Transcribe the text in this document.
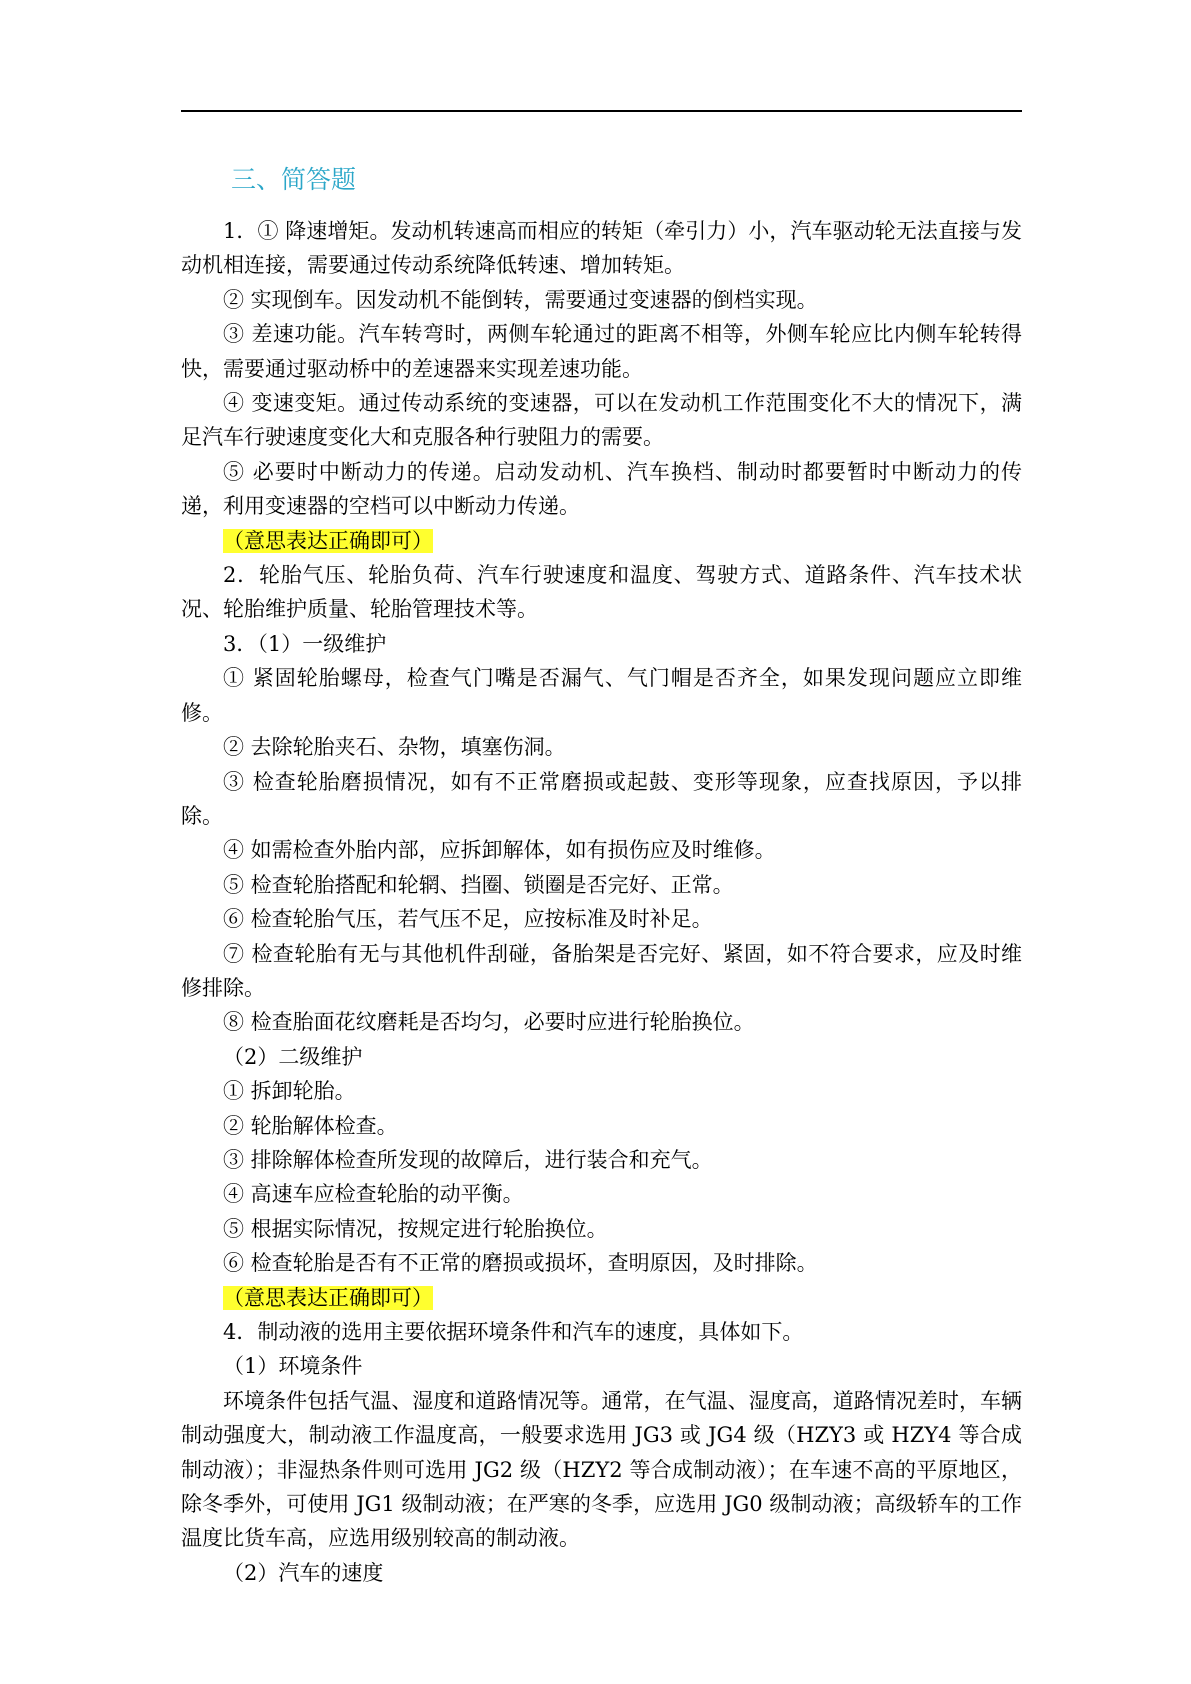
三、简答题

1．① 降速增矩。发动机转速高而相应的转矩（牵引力）小，汽车驱动轮无法直接与发动机相连接，需要通过传动系统降低转速、增加转矩。

② 实现倒车。因发动机不能倒转，需要通过变速器的倒档实现。

③ 差速功能。汽车转弯时，两侧车轮通过的距离不相等，外侧车轮应比内侧车轮转得快，需要通过驱动桥中的差速器来实现差速功能。

④ 变速变矩。通过传动系统的变速器，可以在发动机工作范围变化不大的情况下，满足汽车行驶速度变化大和克服各种行驶阻力的需要。

⑤ 必要时中断动力的传递。启动发动机、汽车换档、制动时都要暂时中断动力的传递，利用变速器的空档可以中断动力传递。

（意思表达正确即可）

2．轮胎气压、轮胎负荷、汽车行驶速度和温度、驾驶方式、道路条件、汽车技术状况、轮胎维护质量、轮胎管理技术等。

3．（1）一级维护

① 紧固轮胎螺母，检查气门嘴是否漏气、气门帽是否齐全，如果发现问题应立即维修。

② 去除轮胎夹石、杂物，填塞伤洞。

③ 检查轮胎磨损情况，如有不正常磨损或起鼓、变形等现象，应查找原因，予以排除。

④ 如需检查外胎内部，应拆卸解体，如有损伤应及时维修。

⑤ 检查轮胎搭配和轮辋、挡圈、锁圈是否完好、正常。

⑥ 检查轮胎气压，若气压不足，应按标准及时补足。

⑦ 检查轮胎有无与其他机件刮碰，备胎架是否完好、紧固，如不符合要求，应及时维修排除。

⑧ 检查胎面花纹磨耗是否均匀，必要时应进行轮胎换位。

（2）二级维护

① 拆卸轮胎。

② 轮胎解体检查。

③ 排除解体检查所发现的故障后，进行装合和充气。

④ 高速车应检查轮胎的动平衡。

⑤ 根据实际情况，按规定进行轮胎换位。

⑥ 检查轮胎是否有不正常的磨损或损坏，查明原因，及时排除。

（意思表达正确即可）

4．制动液的选用主要依据环境条件和汽车的速度，具体如下。

（1）环境条件

环境条件包括气温、湿度和道路情况等。通常，在气温、湿度高，道路情况差时，车辆制动强度大，制动液工作温度高，一般要求选用 JG3 或 JG4 级（HZY3 或 HZY4 等合成制动液）；非湿热条件则可选用 JG2 级（HZY2 等合成制动液）；在车速不高的平原地区，除冬季外，可使用 JG1 级制动液；在严寒的冬季，应选用 JG0 级制动液；高级轿车的工作温度比货车高，应选用级别较高的制动液。

（2）汽车的速度
